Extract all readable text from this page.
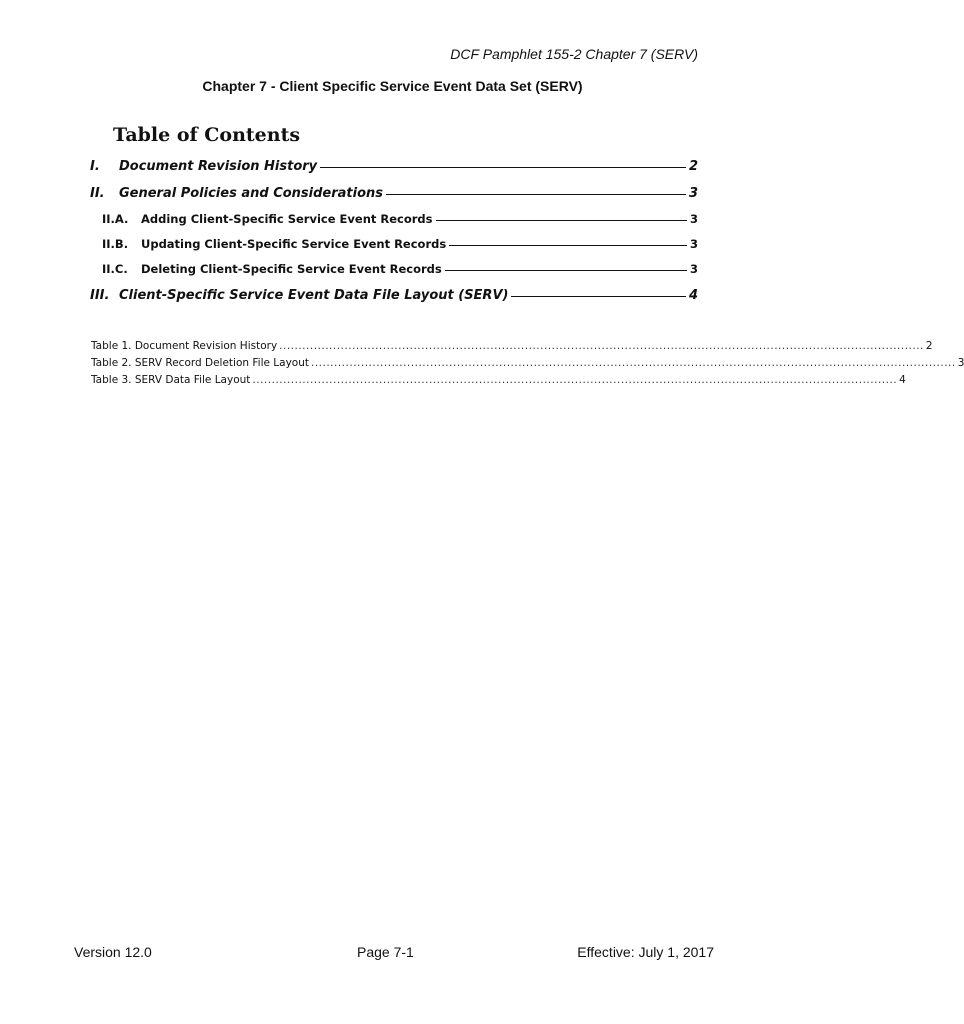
DCF Pamphlet 155-2 Chapter 7 (SERV)
Chapter 7 - Client Specific Service Event Data Set (SERV)
Table of Contents
I.	Document Revision History	2
II.	General Policies and Considerations	3
II.A.	Adding Client-Specific Service Event Records	3
II.B.	Updating Client-Specific Service Event Records	3
II.C.	Deleting Client-Specific Service Event Records	3
III. Client-Specific Service Event Data File Layout (SERV)	4
Table 1. Document Revision History ........................................................................................................................................................................ 2
Table 2. SERV Record Deletion File Layout ........................................................................................................................................................................ 3
Table 3. SERV Data File Layout ........................................................................................................................................................................ 4
Version 12.0	Page 7-1	Effective: July 1, 2017
